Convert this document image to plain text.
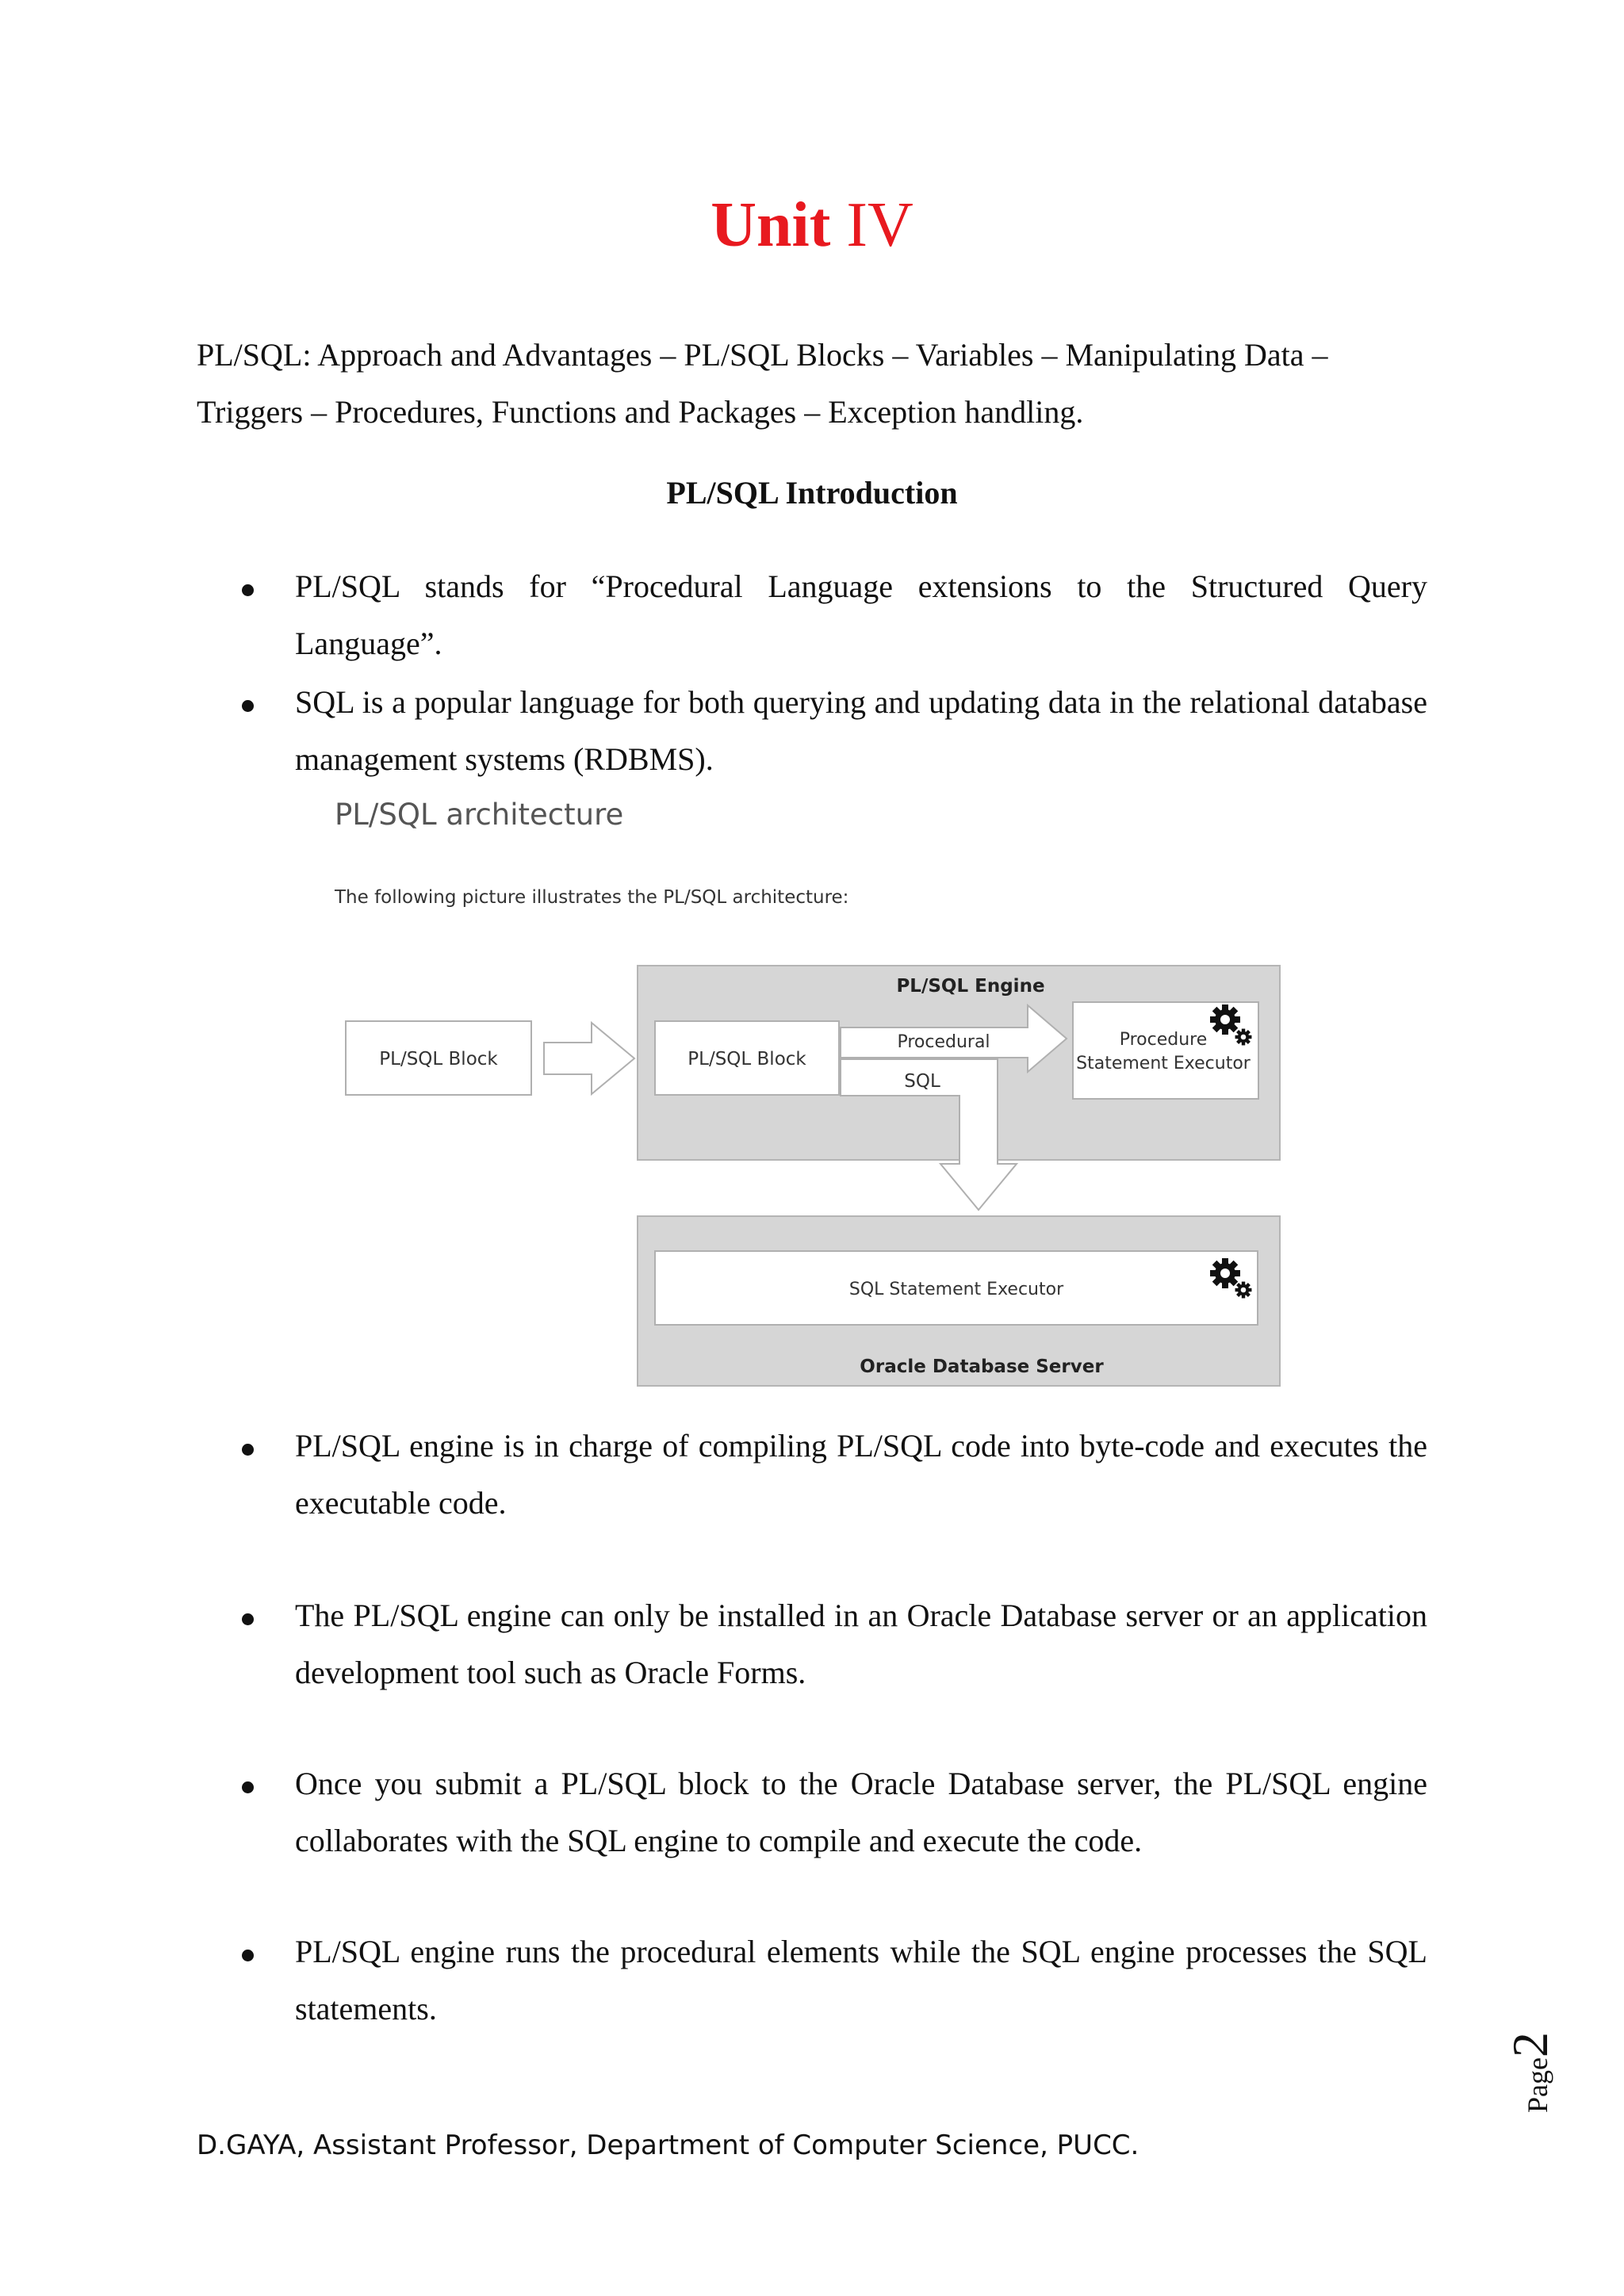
Unit IV

PL/SQL: Approach and Advantages – PL/SQL Blocks – Variables – Manipulating Data – Triggers – Procedures, Functions and Packages – Exception handling.

PL/SQL Introduction
PL/SQL stands for “Procedural Language extensions to the Structured Query Language”.
SQL is a popular language for both querying and updating data in the relational database management systems (RDBMS).
PL/SQL architecture

The following picture illustrates the PL/SQL architecture:

PL/SQL Engine
PL/SQL Block	PL/SQL Block
Procedural
SQL
Procedure
Statement Executor
SQL Statement Executor
Oracle Database Server
PL/SQL engine is in charge of compiling PL/SQL code into byte-code and executes the executable code.
The PL/SQL engine can only be installed in an Oracle Database server or an application development tool such as Oracle Forms.
Once you submit a PL/SQL block to the Oracle Database server, the PL/SQL engine collaborates with the SQL engine to compile and execute the code.
PL/SQL engine runs the procedural elements while the SQL engine processes the SQL statements.
Page2

D.GAYA, Assistant Professor, Department of Computer Science, PUCC.
